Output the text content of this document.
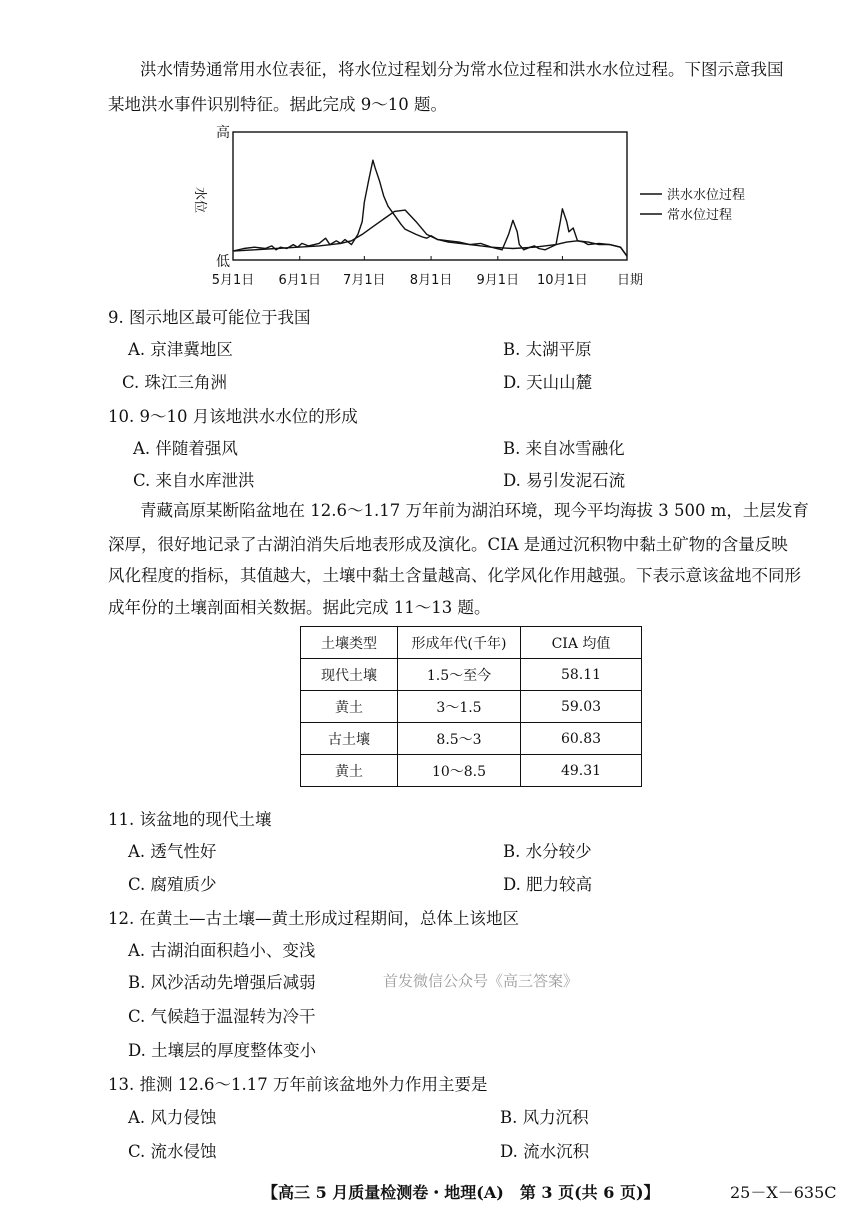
洪水情势通常用水位表征，将水位过程划分为常水位过程和洪水水位过程。下图示意我国
某地洪水事件识别特征。据此完成 9～10 题。
高
低
水位
5月1日 6月1日 7月1日 8月1日 9月1日 10月1日 日期
洪水水位过程
常水位过程
9. 图示地区最可能位于我国
A. 京津冀地区	B. 太湖平原
C. 珠江三角洲	D. 天山山麓
10. 9～10 月该地洪水水位的形成
A. 伴随着强风	B. 来自冰雪融化
C. 来自水库泄洪	D. 易引发泥石流
青藏高原某断陷盆地在 12.6～1.17 万年前为湖泊环境，现今平均海拔 3 500 m，土层发育
深厚，很好地记录了古湖泊消失后地表形成及演化。CIA 是通过沉积物中黏土矿物的含量反映
风化程度的指标，其值越大，土壤中黏土含量越高、化学风化作用越强。下表示意该盆地不同形
成年份的土壤剖面相关数据。据此完成 11～13 题。
土壤类型	形成年代(千年)	CIA 均值
现代土壤	1.5～至今	58.11
黄土	3～1.5	59.03
古土壤	8.5～3	60.83
黄土	10～8.5	49.31
11. 该盆地的现代土壤
A. 透气性好	B. 水分较少
C. 腐殖质少	D. 肥力较高
12. 在黄土—古土壤—黄土形成过程期间，总体上该地区
A. 古湖泊面积趋小、变浅
B. 风沙活动先增强后减弱	首发微信公众号《高三答案》
C. 气候趋于温湿转为冷干
D. 土壤层的厚度整体变小
13. 推测 12.6～1.17 万年前该盆地外力作用主要是
A. 风力侵蚀	B. 风力沉积
C. 流水侵蚀	D. 流水沉积
【高三 5 月质量检测卷・地理(A)　第 3 页(共 6 页)】	25－X－635C
